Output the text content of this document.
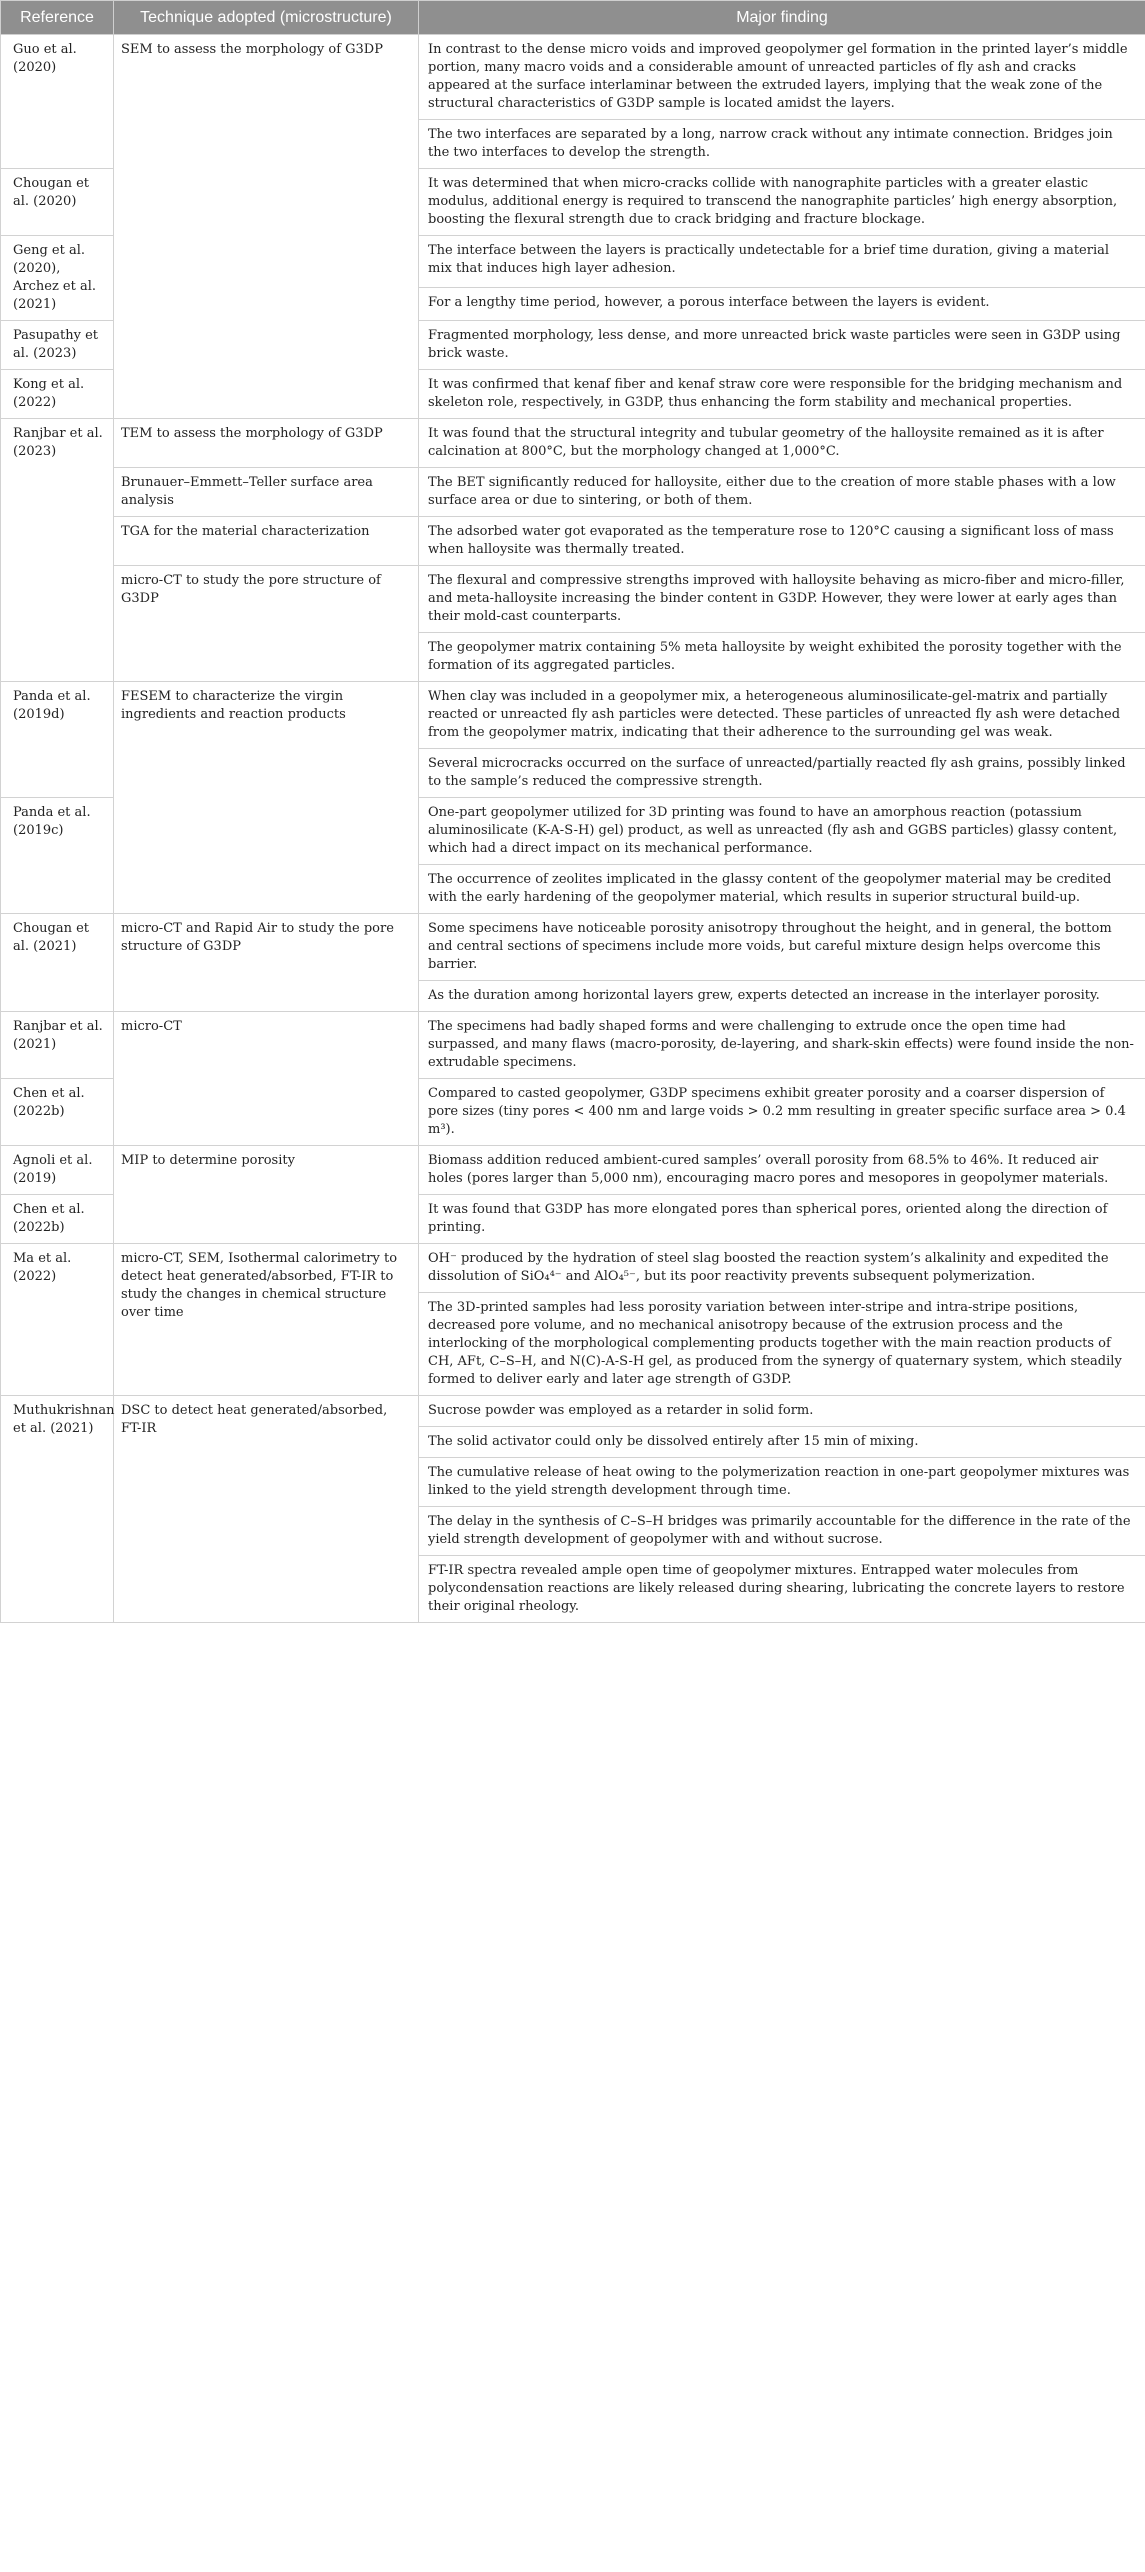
Reference	Technique adopted (microstructure)	Major finding
Guo et al. (2020)	SEM to assess the morphology of G3DP	In contrast to the dense micro voids and improved geopolymer gel formation in the printed layer’s middle portion, many macro voids and a considerable amount of unreacted particles of fly ash and cracks appeared at the surface interlaminar between the extruded layers, implying that the weak zone of the structural characteristics of G3DP sample is located amidst the layers.
		The two interfaces are separated by a long, narrow crack without any intimate connection. Bridges join the two interfaces to develop the strength.
Chougan et al. (2020)		It was determined that when micro-cracks collide with nanographite particles with a greater elastic modulus, additional energy is required to transcend the nanographite particles’ high energy absorption, boosting the flexural strength due to crack bridging and fracture blockage.
Geng et al. (2020), Archez et al. (2021)		The interface between the layers is practically undetectable for a brief time duration, giving a material mix that induces high layer adhesion.
		For a lengthy time period, however, a porous interface between the layers is evident.
Pasupathy et al. (2023)		Fragmented morphology, less dense, and more unreacted brick waste particles were seen in G3DP using brick waste.
Kong et al. (2022)		It was confirmed that kenaf fiber and kenaf straw core were responsible for the bridging mechanism and skeleton role, respectively, in G3DP, thus enhancing the form stability and mechanical properties.
Ranjbar et al. (2023)	TEM to assess the morphology of G3DP	It was found that the structural integrity and tubular geometry of the halloysite remained as it is after calcination at 800°C, but the morphology changed at 1,000°C.
	Brunauer–Emmett–Teller surface area analysis	The BET significantly reduced for halloysite, either due to the creation of more stable phases with a low surface area or due to sintering, or both of them.
	TGA for the material characterization	The adsorbed water got evaporated as the temperature rose to 120°C causing a significant loss of mass when halloysite was thermally treated.
	micro-CT to study the pore structure of G3DP	The flexural and compressive strengths improved with halloysite behaving as micro-fiber and micro-filler, and meta-halloysite increasing the binder content in G3DP. However, they were lower at early ages than their mold-cast counterparts.
		The geopolymer matrix containing 5% meta halloysite by weight exhibited the porosity together with the formation of its aggregated particles.
Panda et al. (2019d)	FESEM to characterize the virgin ingredients and reaction products	When clay was included in a geopolymer mix, a heterogeneous aluminosilicate-gel-matrix and partially reacted or unreacted fly ash particles were detected. These particles of unreacted fly ash were detached from the geopolymer matrix, indicating that their adherence to the surrounding gel was weak.
		Several microcracks occurred on the surface of unreacted/partially reacted fly ash grains, possibly linked to the sample’s reduced the compressive strength.
Panda et al. (2019c)		One-part geopolymer utilized for 3D printing was found to have an amorphous reaction (potassium aluminosilicate (K-A-S-H) gel) product, as well as unreacted (fly ash and GGBS particles) glassy content, which had a direct impact on its mechanical performance.
		The occurrence of zeolites implicated in the glassy content of the geopolymer material may be credited with the early hardening of the geopolymer material, which results in superior structural build-up.
Chougan et al. (2021)	micro-CT and Rapid Air to study the pore structure of G3DP	Some specimens have noticeable porosity anisotropy throughout the height, and in general, the bottom and central sections of specimens include more voids, but careful mixture design helps overcome this barrier.
		As the duration among horizontal layers grew, experts detected an increase in the interlayer porosity.
Ranjbar et al. (2021)	micro-CT	The specimens had badly shaped forms and were challenging to extrude once the open time had surpassed, and many flaws (macro-porosity, de-layering, and shark-skin effects) were found inside the non-extrudable specimens.
Chen et al. (2022b)		Compared to casted geopolymer, G3DP specimens exhibit greater porosity and a coarser dispersion of pore sizes (tiny pores < 400 nm and large voids > 0.2 mm resulting in greater specific surface area > 0.4 m³).
Agnoli et al. (2019)	MIP to determine porosity	Biomass addition reduced ambient-cured samples’ overall porosity from 68.5% to 46%. It reduced air holes (pores larger than 5,000 nm), encouraging macro pores and mesopores in geopolymer materials.
Chen et al. (2022b)		It was found that G3DP has more elongated pores than spherical pores, oriented along the direction of printing.
Ma et al. (2022)	micro-CT, SEM, Isothermal calorimetry to detect heat generated/absorbed, FT-IR to study the changes in chemical structure over time	OH⁻ produced by the hydration of steel slag boosted the reaction system’s alkalinity and expedited the dissolution of SiO₄⁴⁻ and AlO₄⁵⁻, but its poor reactivity prevents subsequent polymerization.
		The 3D-printed samples had less porosity variation between inter-stripe and intra-stripe positions, decreased pore volume, and no mechanical anisotropy because of the extrusion process and the interlocking of the morphological complementing products together with the main reaction products of CH, AFt, C–S–H, and N(C)-A-S-H gel, as produced from the synergy of quaternary system, which steadily formed to deliver early and later age strength of G3DP.
Muthukrishnan et al. (2021)	DSC to detect heat generated/absorbed, FT-IR	Sucrose powder was employed as a retarder in solid form.
		The solid activator could only be dissolved entirely after 15 min of mixing.
		The cumulative release of heat owing to the polymerization reaction in one-part geopolymer mixtures was linked to the yield strength development through time.
		The delay in the synthesis of C–S–H bridges was primarily accountable for the difference in the rate of the yield strength development of geopolymer with and without sucrose.
		FT-IR spectra revealed ample open time of geopolymer mixtures. Entrapped water molecules from polycondensation reactions are likely released during shearing, lubricating the concrete layers to restore their original rheology.
